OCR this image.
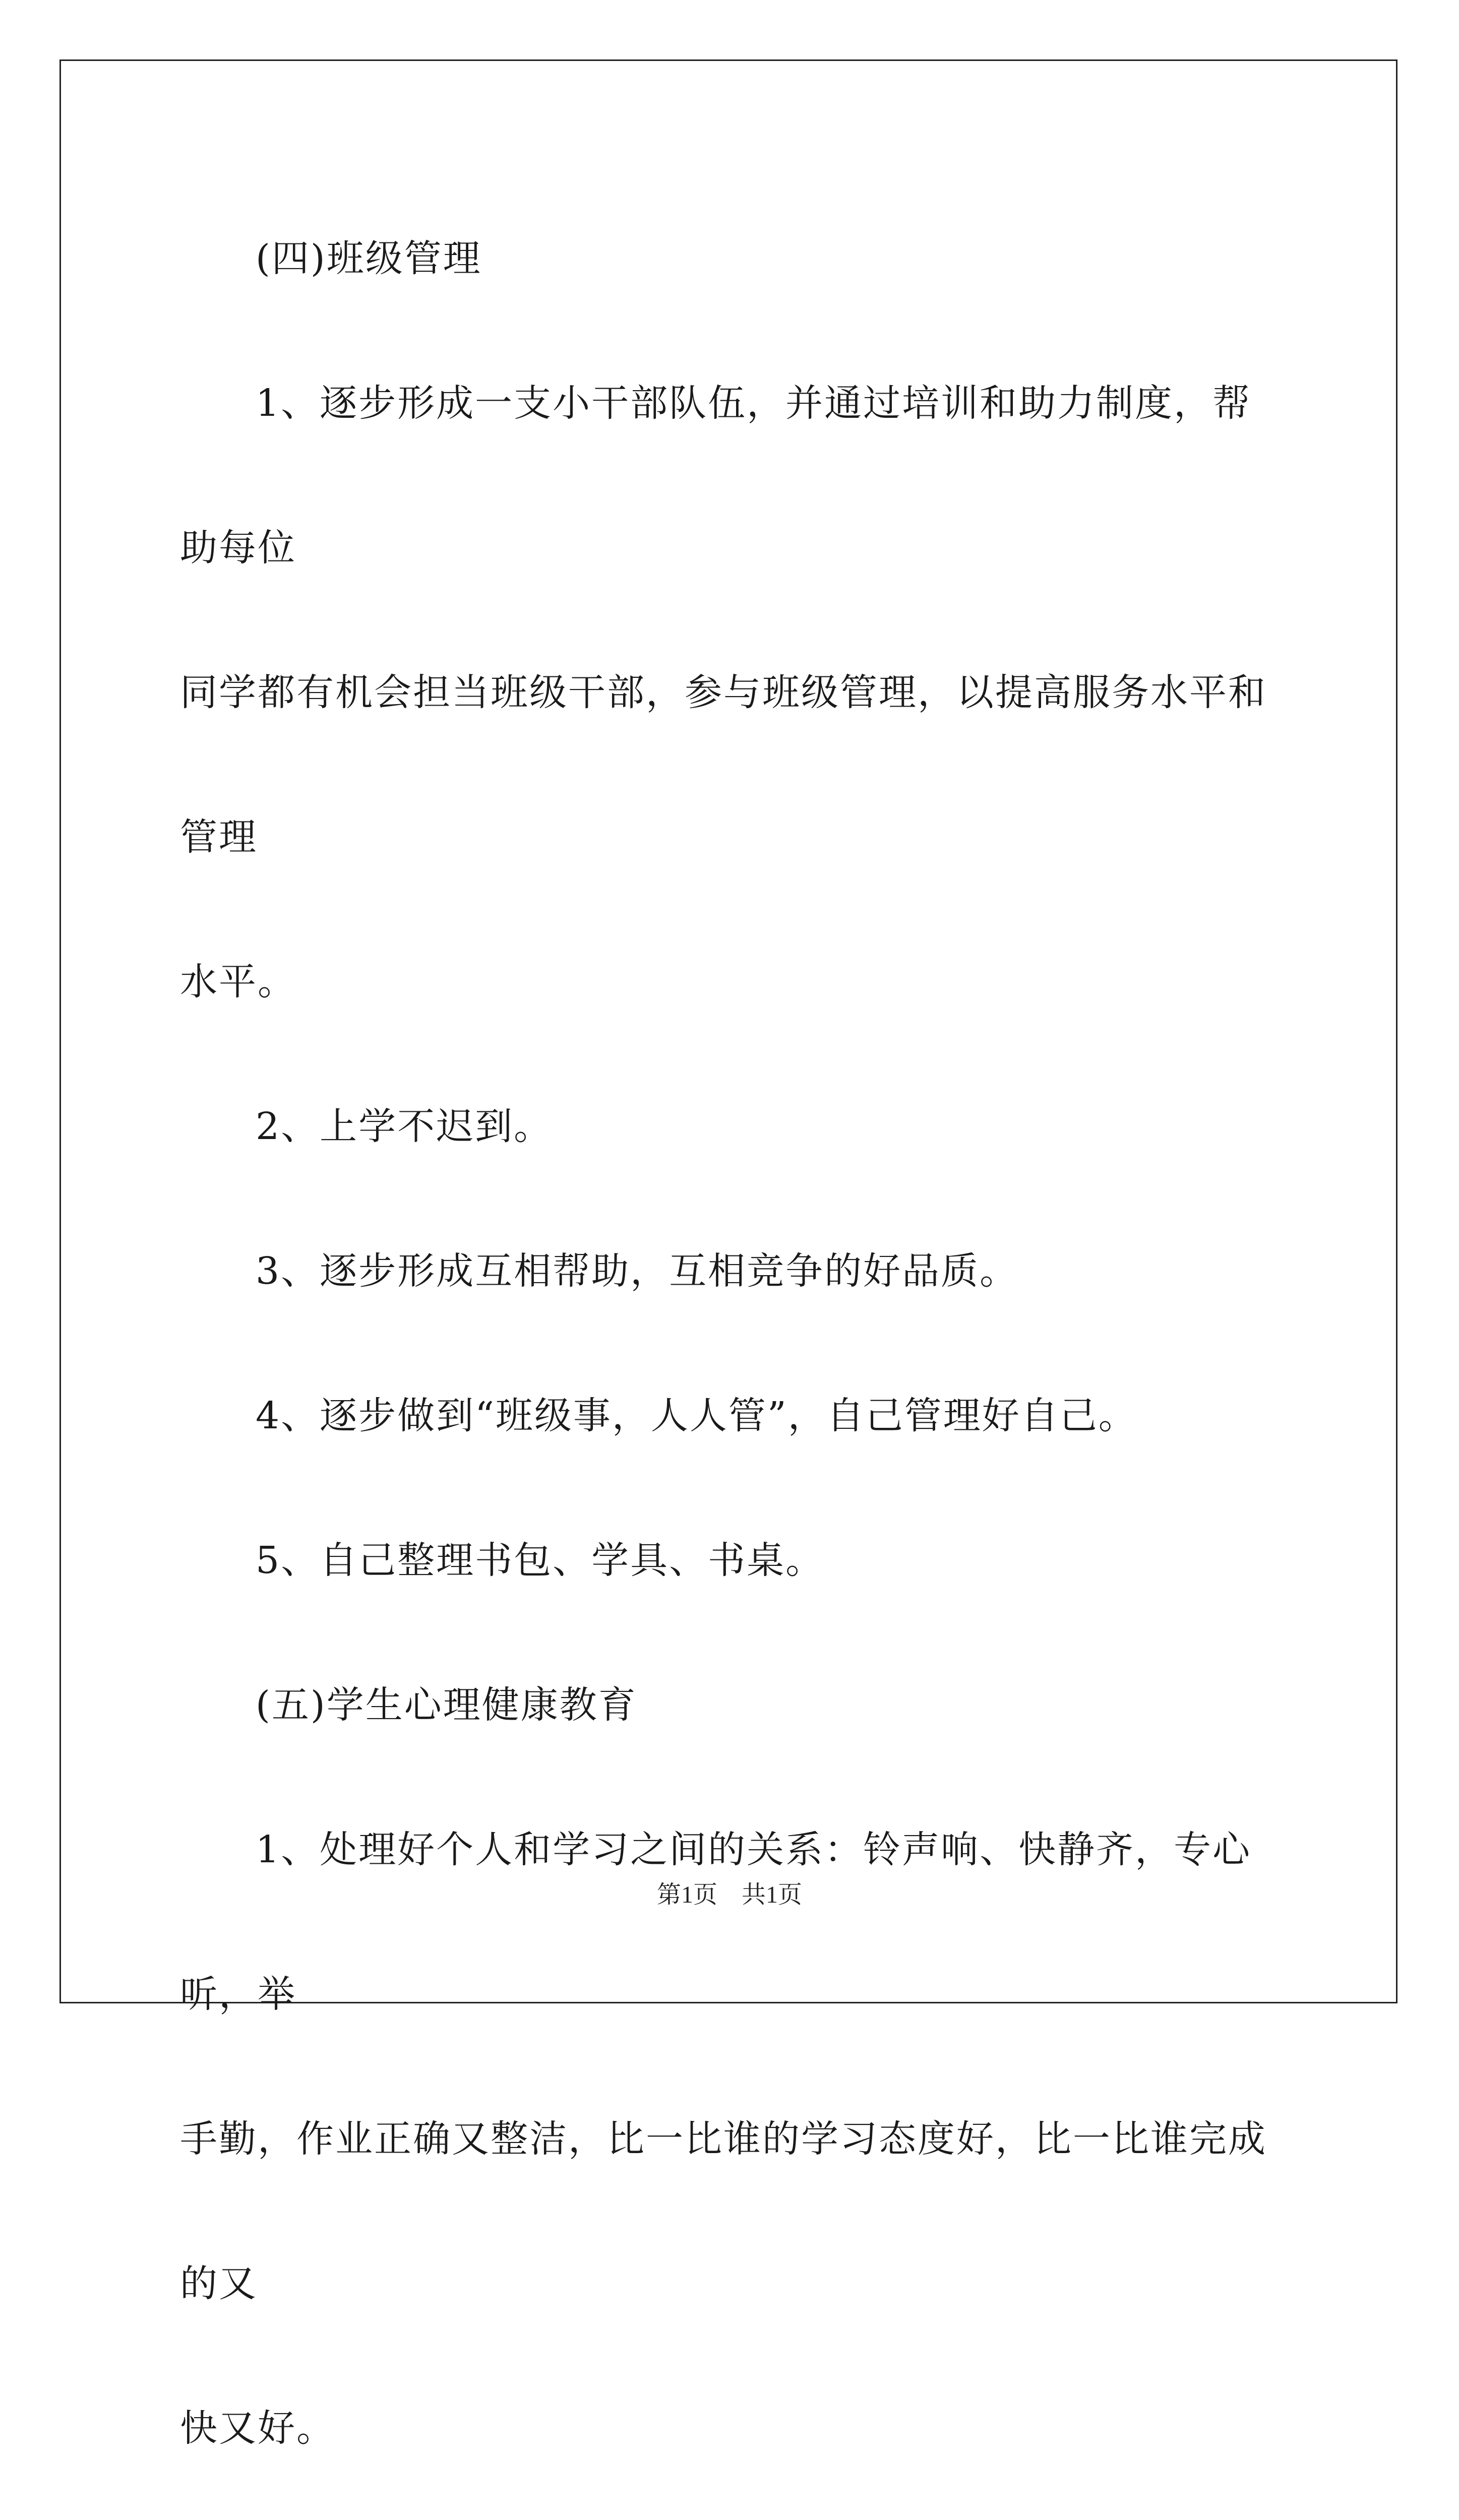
(四)班级管理

1、逐步形成一支小干部队伍，并通过培训和助力制度，帮助每位

同学都有机会担当班级干部，参与班级管理，以提高服务水平和管理

水平。

2、上学不迟到。

3、逐步形成互相帮助，互相竞争的好品质。

4、逐步做到“班级事，人人管”，自己管理好自己。

5、自己整理书包、学具、书桌。

(五)学生心理健康教育

1、处理好个人和学习之间的关系：铃声响、快静齐，专心听，举

手勤，作业正确又整洁，比一比谁的学习态度好，比一比谁完成的又

快又好。

第1页　共1页
